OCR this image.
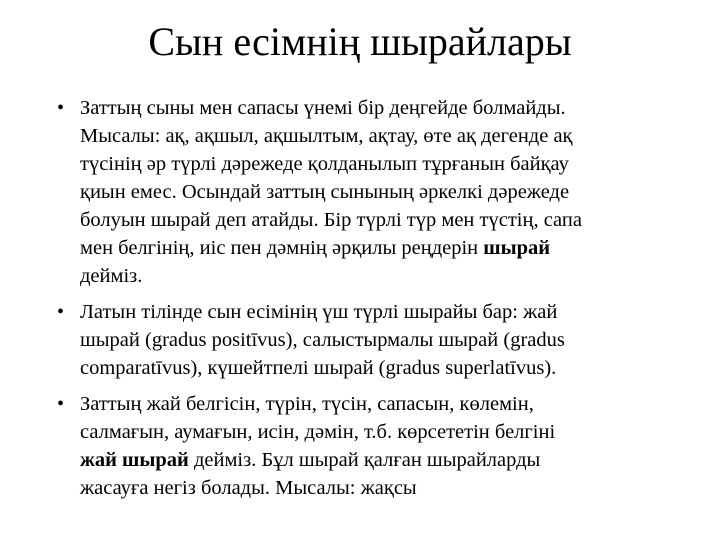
Сын есімнің шырайлары
• Заттың сыны мен сапасы үнемі бір деңгейде болмайды.
Мысалы: ақ, ақшыл, ақшылтым, ақтау, өте ақ дегенде ақ
түсінің әр түрлі дәрежеде қолданылып тұрғанын байқау
қиын емес. Осындай заттың сынының әркелкі дәрежеде
болуын шырай деп атайды. Бір түрлі түр мен түстің, сапа
мен белгінің, иіс пен дәмнің әрқилы реңдерін шырай
дейміз.
• Латын тілінде сын есімінің үш түрлі шырайы бар: жай
шырай (gradus positīvus), салыстырмалы шырай (gradus
comparatīvus), күшейтпелі шырай (gradus superlatīvus).
• Заттың жай белгісін, түрін, түсін, сапасын, көлемін,
салмағын, аумағын, исін, дәмін, т.б. көрсететін белгіні
жай шырай дейміз. Бұл шырай қалған шырайларды
жасауға негіз болады. Мысалы: жақсы
